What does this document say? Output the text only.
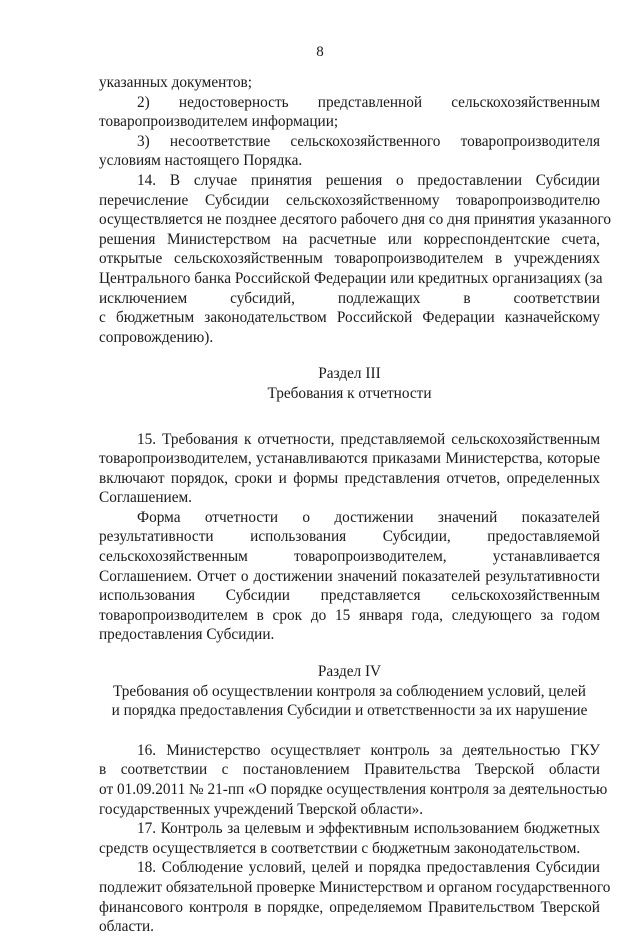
8
указанных документов;
2) недостоверность представленной сельскохозяйственным
товаропроизводителем информации;
3) несоответствие сельскохозяйственного товаропроизводителя
условиям настоящего Порядка.
14. В случае принятия решения о предоставлении Субсидии
перечисление Субсидии сельскохозяйственному товаропроизводителю
осуществляется не позднее десятого рабочего дня со дня принятия указанного
решения Министерством на расчетные или корреспондентские счета,
открытые сельскохозяйственным товаропроизводителем в учреждениях
Центрального банка Российской Федерации или кредитных организациях (за
исключением субсидий, подлежащих в соответствии
с бюджетным законодательством Российской Федерации казначейскому
сопровождению).
Раздел III
Требования к отчетности
15. Требования к отчетности, представляемой сельскохозяйственным
товаропроизводителем, устанавливаются приказами Министерства, которые
включают порядок, сроки и формы представления отчетов, определенных
Соглашением.
Форма отчетности о достижении значений показателей
результативности использования Субсидии, предоставляемой
сельскохозяйственным товаропроизводителем, устанавливается
Соглашением. Отчет о достижении значений показателей результативности
использования Субсидии представляется сельскохозяйственным
товаропроизводителем в срок до 15 января года, следующего за годом
предоставления Субсидии.
Раздел IV
Требования об осуществлении контроля за соблюдением условий, целей
и порядка предоставления Субсидии и ответственности за их нарушение
16. Министерство осуществляет контроль за деятельностью ГКУ
в соответствии с постановлением Правительства Тверской области
от 01.09.2011 № 21-пп «О порядке осуществления контроля за деятельностью
государственных учреждений Тверской области».
17. Контроль за целевым и эффективным использованием бюджетных
средств осуществляется в соответствии с бюджетным законодательством.
18. Соблюдение условий, целей и порядка предоставления Субсидии
подлежит обязательной проверке Министерством и органом государственного
финансового контроля в порядке, определяемом Правительством Тверской
области.
